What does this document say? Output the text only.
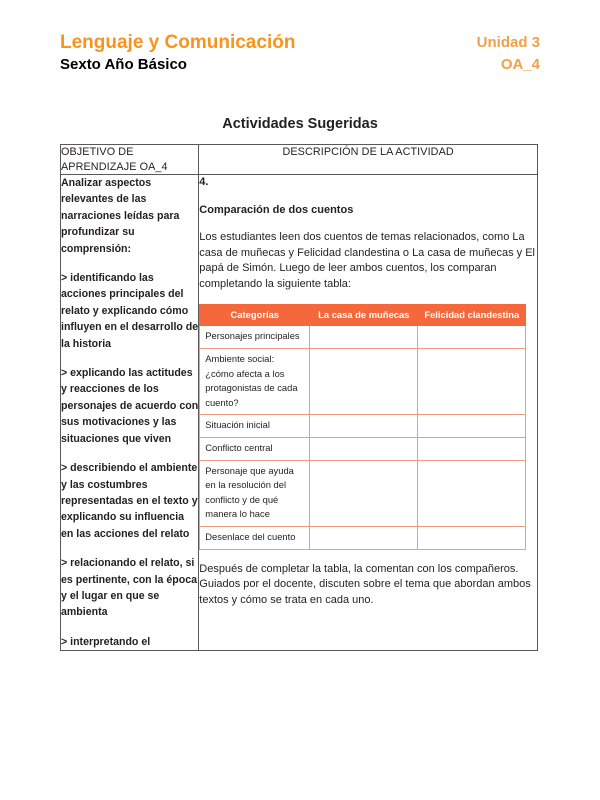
Lenguaje y Comunicación
Sexto Año Básico
Unidad 3
OA_4
Actividades Sugeridas
OBJETIVO DE APRENDIZAJE OA_4	DESCRIPCIÓN DE LA ACTIVIDAD

Analizar aspectos relevantes de las narraciones leídas para profundizar su comprensión:

> identificando las acciones principales del relato y explicando cómo influyen en el desarrollo de la historia

> explicando las actitudes y reacciones de los personajes de acuerdo con sus motivaciones y las situaciones que viven

> describiendo el ambiente y las costumbres representadas en el texto y explicando su influencia en las acciones del relato

> relacionando el relato, si es pertinente, con la época y el lugar en que se ambienta

> interpretando el

4.

Comparación de dos cuentos

Los estudiantes leen dos cuentos de temas relacionados, como La casa de muñecas y Felicidad clandestina o La casa de muñecas y El papá de Simón. Luego de leer ambos cuentos, los comparan completando la siguiente tabla:

Categorías	La casa de muñecas	Felicidad clandestina
Personajes principales		
Ambiente social: ¿cómo afecta a los protagonistas de cada cuento?		
Situación inicial		
Conflicto central		
Personaje que ayuda en la resolución del conflicto y de qué manera lo hace		
Desenlace del cuento		

Después de completar la tabla, la comentan con los compañeros. Guiados por el docente, discuten sobre el tema que abordan ambos textos y cómo se trata en cada uno.
